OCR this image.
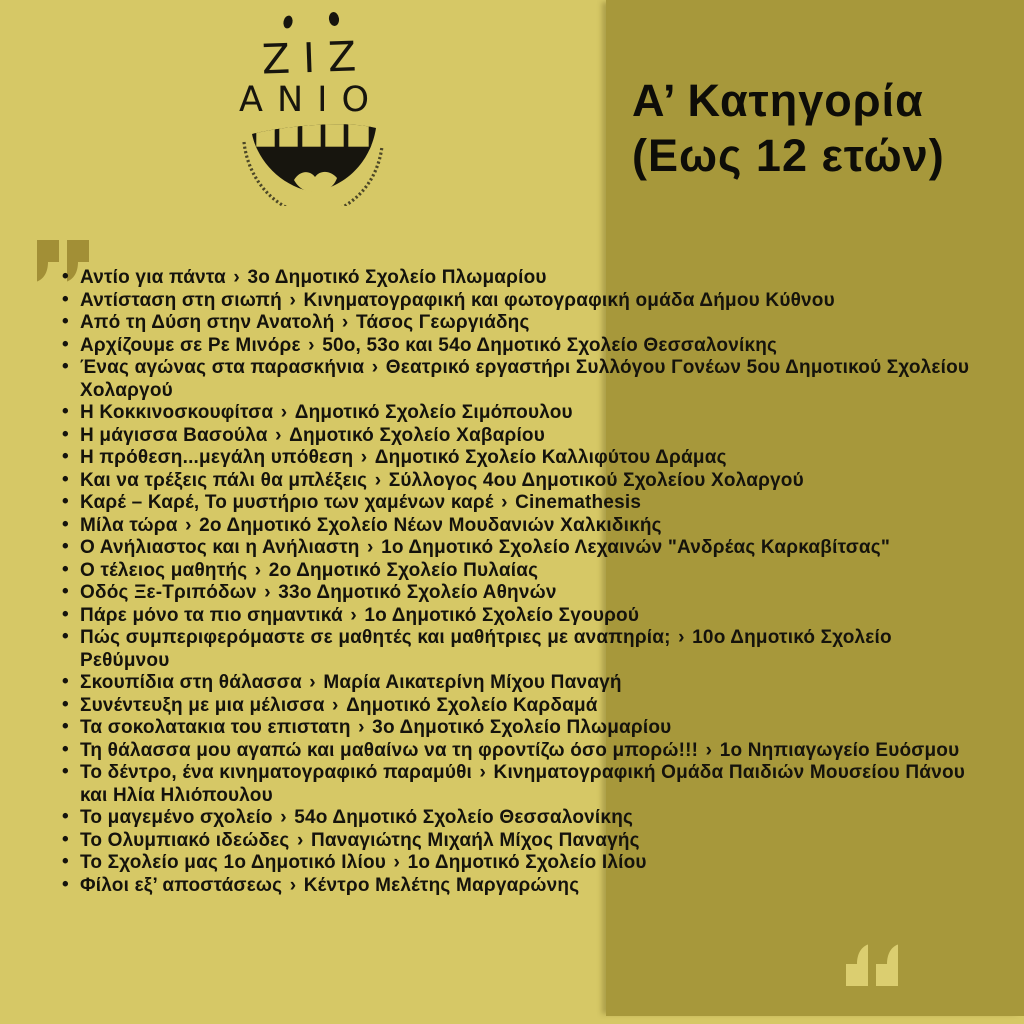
ZIZ
ANIO	Α’ Κατηγορία
(Εως 12 ετών)
• Αντίο για πάντα › 3ο Δημοτικό Σχολείο Πλωμαρίου
• Αντίσταση στη σιωπή › Κινηματογραφική και φωτογραφική ομάδα Δήμου Κύθνου
• Από τη Δύση στην Ανατολή › Τάσος Γεωργιάδης
• Αρχίζουμε σε Ρε Μινόρε › 50ο, 53ο και 54ο Δημοτικό Σχολείο Θεσσαλονίκης
• Ένας αγώνας στα παρασκήνια › Θεατρικό εργαστήρι Συλλόγου Γονέων 5ου Δημοτικού Σχολείου Χολαργού
• Η Κοκκινοσκουφίτσα › Δημοτικό Σχολείο Σιμόπουλου
• Η μάγισσα Βασούλα › Δημοτικό Σχολείο Χαβαρίου
• Η πρόθεση...μεγάλη υπόθεση › Δημοτικό Σχολείο Καλλιφύτου Δράμας
• Και να τρέξεις πάλι θα μπλέξεις › Σύλλογος 4ου Δημοτικού Σχολείου Χολαργού
• Καρέ – Καρέ, Το μυστήριο των χαμένων καρέ › Cinemathesis
• Μίλα τώρα › 2ο Δημοτικό Σχολείο Νέων Μουδανιών Χαλκιδικής
• Ο Ανήλιαστος και η Ανήλιαστη › 1ο Δημοτικό Σχολείο Λεχαινών "Ανδρέας Καρκαβίτσας"
• Ο τέλειος μαθητής › 2ο Δημοτικό Σχολείο Πυλαίας
• Οδός Ξε-Τριπόδων › 33ο Δημοτικό Σχολείο Αθηνών
• Πάρε μόνο τα πιο σημαντικά › 1ο Δημοτικό Σχολείο Σγουρού
• Πώς συμπεριφερόμαστε σε μαθητές και μαθήτριες με αναπηρία; › 10ο Δημοτικό Σχολείο Ρεθύμνου
• Σκουπίδια στη θάλασσα › Μαρία Αικατερίνη Μίχου Παναγή
• Συνέντευξη με μια μέλισσα › Δημοτικό Σχολείο Καρδαμά
• Τα σοκολατακια του επιστατη › 3ο Δημοτικό Σχολείο Πλωμαρίου
• Τη θάλασσα μου αγαπώ και μαθαίνω να τη φροντίζω όσο μπορώ!!! › 1ο Νηπιαγωγείο Ευόσμου
• Το δέντρο, ένα κινηματογραφικό παραμύθι › Κινηματογραφική Ομάδα Παιδιών Μουσείου Πάνου και Ηλία Ηλιόπουλου
• Το μαγεμένο σχολείο › 54ο Δημοτικό Σχολείο Θεσσαλονίκης
• Το Ολυμπιακό ιδεώδες › Παναγιώτης Μιχαήλ Μίχος Παναγής
• Το Σχολείο μας 1ο Δημοτικό Ιλίου › 1ο Δημοτικό Σχολείο Ιλίου
• Φίλοι εξ’ αποστάσεως › Κέντρο Μελέτης Μαργαρώνης
